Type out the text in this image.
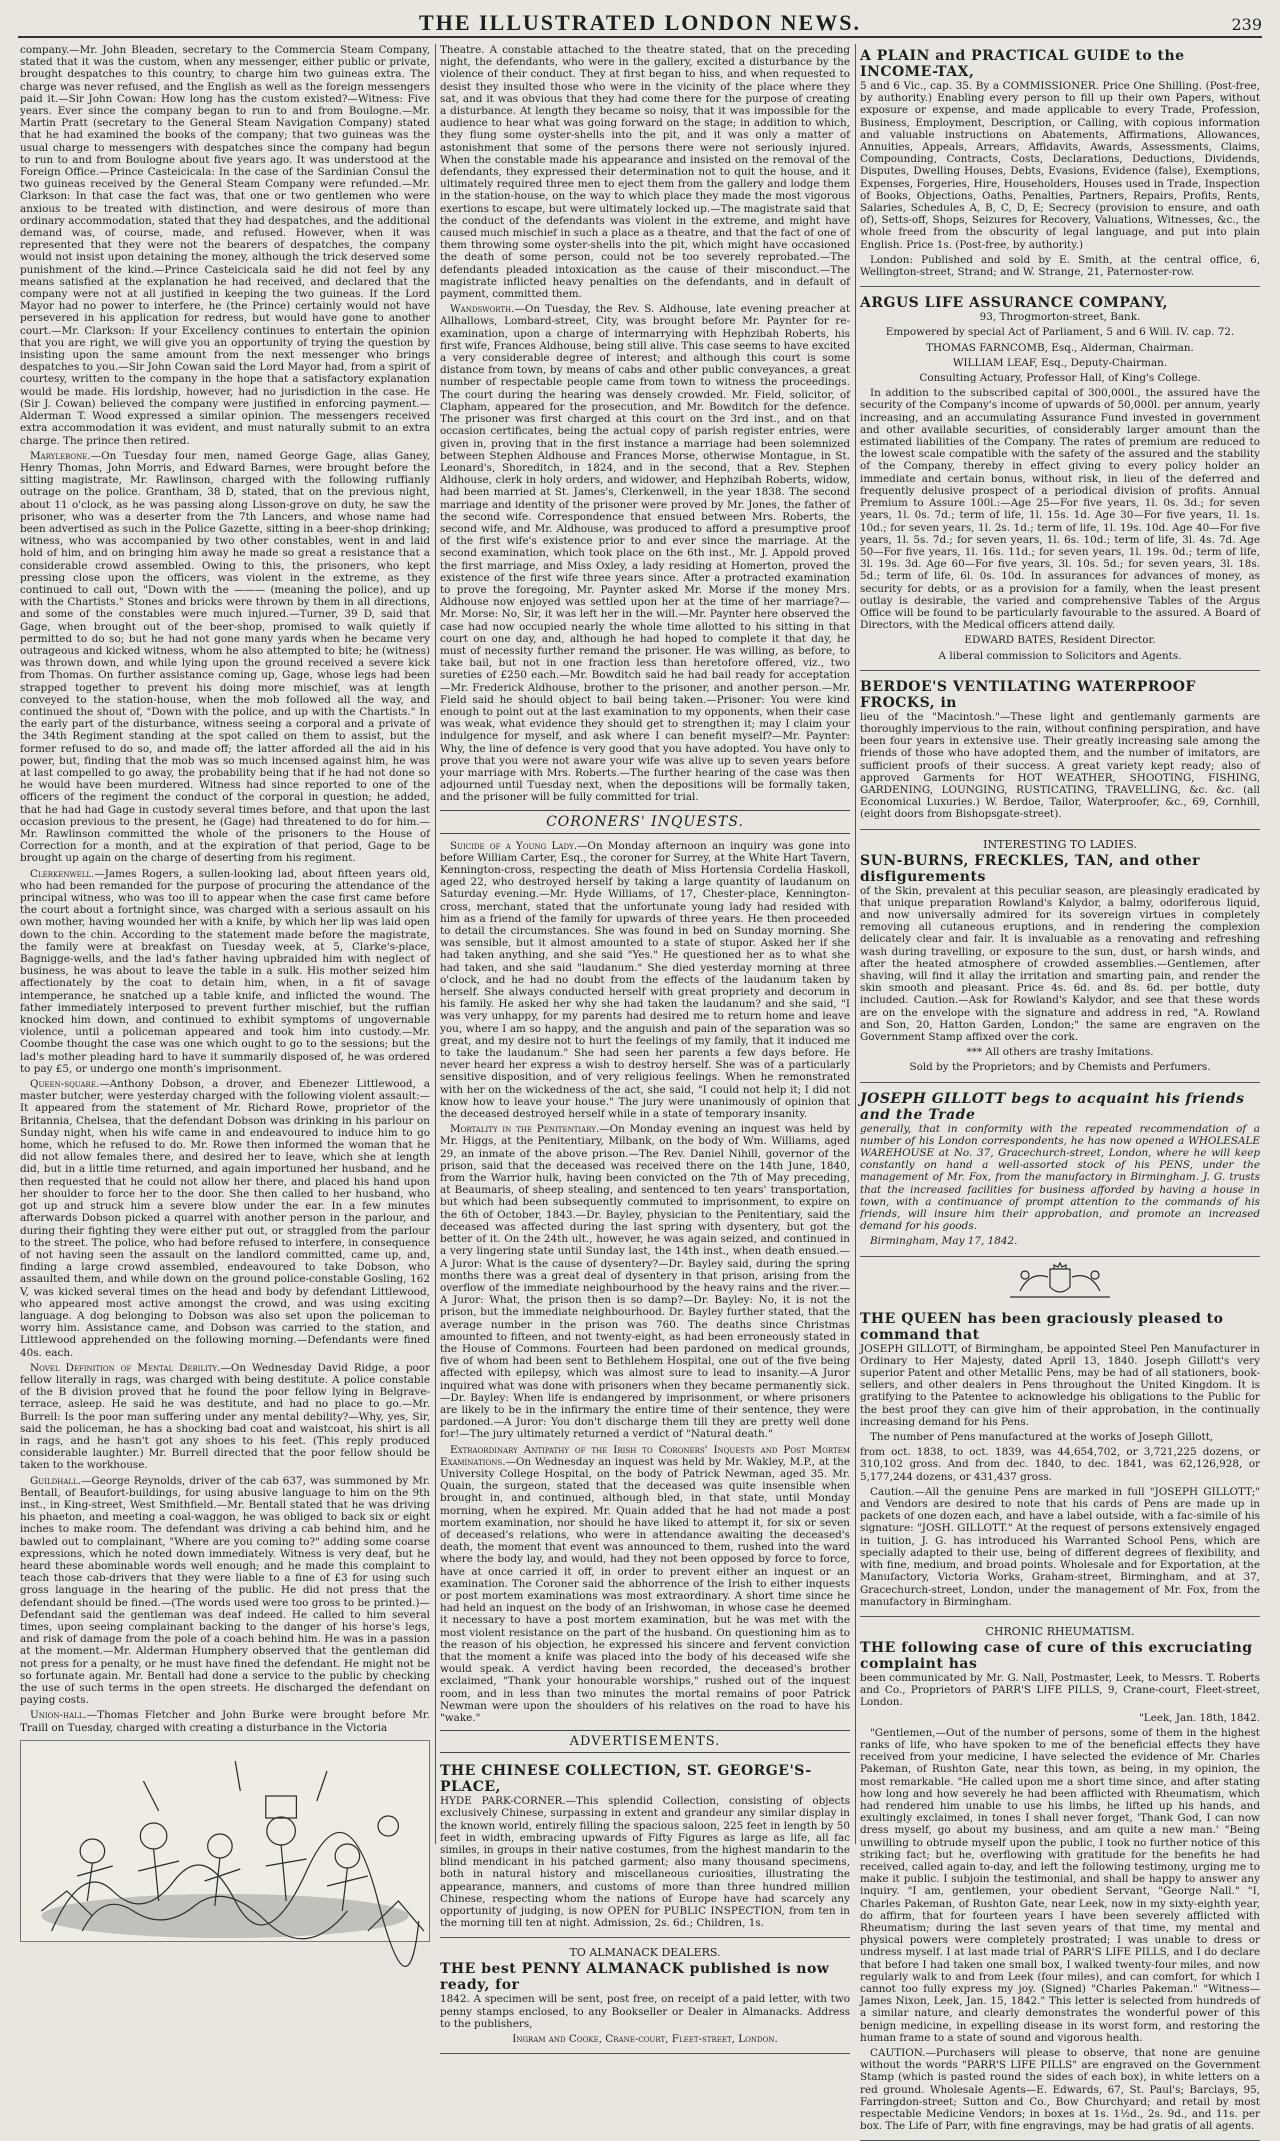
THE ILLUSTRATED LONDON NEWS.	239

company.—Mr. John Bleaden, secretary to the Commercia Steam Company, stated that it was the custom, when any messenger, either public or private, brought despatches to this country, to charge him two guineas extra. The charge was never refused, and the English as well as the foreign messengers paid it.—Sir John Cowan: How long has the custom existed?—Witness: Five years. Ever since the company began to run to and from Boulogne.—Mr. Martin Pratt (secretary to the General Steam Navigation Company) stated that he had examined the books of the company; that two guineas was the usual charge to messengers with despatches since the company had begun to run to and from Boulogne about five years ago. It was understood at the Foreign Office.—Prince Casteicicala: In the case of the Sardinian Consul the two guineas received by the General Steam Company were refunded.—Mr. Clarkson: In that case the fact was, that one or two gentlemen who were anxious to be treated with distinction, and were desirous of more than ordinary accommodation, stated that they had despatches, and the additional demand was, of course, made, and refused. However, when it was represented that they were not the bearers of despatches, the company would not insist upon detaining the money, although the trick deserved some punishment of the kind.—Prince Casteicicala said he did not feel by any means satisfied at the explanation he had received, and declared that the company were not at all justified in keeping the two guineas. If the Lord Mayor had no power to interfere, he (the Prince) certainly would not have persevered in his application for redress, but would have gone to another court.—Mr. Clarkson: If your Excellency continues to entertain the opinion that you are right, we will give you an opportunity of trying the question by insisting upon the same amount from the next messenger who brings despatches to you.—Sir John Cowan said the Lord Mayor had, from a spirit of courtesy, written to the company in the hope that a satisfactory explanation would be made. His lordship, however, had no jurisdiction in the case. He (Sir J. Cowan) believed the company were justified in enforcing payment.—Alderman T. Wood expressed a similar opinion. The messengers received extra accommodation it was evident, and must naturally submit to an extra charge. The prince then retired.

Marylebone.—On Tuesday four men, named George Gage, alias Ganey, Henry Thomas, John Morris, and Edward Barnes, were brought before the sitting magistrate, Mr. Rawlinson, charged with the following ruffianly outrage on the police. Grantham, 38 D, stated, that on the previous night, about 11 o'clock, as he was passing along Lisson-grove on duty, he saw the prisoner, who was a deserter from the 7th Lancers, and whose name had been advertised as such in the Police Gazette, sitting in a beer-shop drinking; witness, who was accompanied by two other constables, went in and laid hold of him, and on bringing him away he made so great a resistance that a considerable crowd assembled. Owing to this, the prisoners, who kept pressing close upon the officers, was violent in the extreme, as they continued to call out, "Down with the ——— (meaning the police), and up with the Chartists." Stones and bricks were thrown by them in all directions, and some of the constables were much injured.—Turner, 39 D, said that Gage, when brought out of the beer-shop, promised to walk quietly if permitted to do so; but he had not gone many yards when he became very outrageous and kicked witness, whom he also attempted to bite; he (witness) was thrown down, and while lying upon the ground received a severe kick from Thomas. On further assistance coming up, Gage, whose legs had been strapped together to prevent his doing more mischief, was at length conveyed to the station-house, when the mob followed all the way, and continued the shout of, "Down with the police, and up with the Chartists." In the early part of the disturbance, witness seeing a corporal and a private of the 34th Regiment standing at the spot called on them to assist, but the former refused to do so, and made off; the latter afforded all the aid in his power, but, finding that the mob was so much incensed against him, he was at last compelled to go away, the probability being that if he had not done so he would have been murdered. Witness had since reported to one of the officers of the regiment the conduct of the corporal in question; he added, that he had had Gage in custody several times before, and that upon the last occasion previous to the present, he (Gage) had threatened to do for him.—Mr. Rawlinson committed the whole of the prisoners to the House of Correction for a month, and at the expiration of that period, Gage to be brought up again on the charge of deserting from his regiment.

Clerkenwell.—James Rogers, a sullen-looking lad, about fifteen years old, who had been remanded for the purpose of procuring the attendance of the principal witness, who was too ill to appear when the case first came before the court about a fortnight since, was charged with a serious assault on his own mother, having wounded her with a knife, by which her lip was laid open down to the chin. According to the statement made before the magistrate, the family were at breakfast on Tuesday week, at 5, Clarke's-place, Bagnigge-wells, and the lad's father having upbraided him with neglect of business, he was about to leave the table in a sulk. His mother seized him affectionately by the coat to detain him, when, in a fit of savage intemperance, he snatched up a table knife, and inflicted the wound. The father immediately interposed to prevent further mischief, but the ruffian knocked him down, and continued to exhibit symptoms of ungovernable violence, until a policeman appeared and took him into custody.—Mr. Coombe thought the case was one which ought to go to the sessions; but the lad's mother pleading hard to have it summarily disposed of, he was ordered to pay £5, or undergo one month's imprisonment.

Queen-square.—Anthony Dobson, a drover, and Ebenezer Littlewood, a master butcher, were yesterday charged with the following violent assault:—It appeared from the statement of Mr. Richard Rowe, proprietor of the Britannia, Chelsea, that the defendant Dobson was drinking in his parlour on Sunday night, when his wife came in and endeavoured to induce him to go home, which he refused to do. Mr. Rowe then informed the woman that he did not allow females there, and desired her to leave, which she at length did, but in a little time returned, and again importuned her husband, and he then requested that he could not allow her there, and placed his hand upon her shoulder to force her to the door. She then called to her husband, who got up and struck him a severe blow under the ear. In a few minutes afterwards Dobson picked a quarrel with another person in the parlour, and during their fighting they were either put out, or straggled from the parlour to the street. The police, who had before refused to interfere, in consequence of not having seen the assault on the landlord committed, came up, and, finding a large crowd assembled, endeavoured to take Dobson, who assaulted them, and while down on the ground police-constable Gosling, 162 V, was kicked several times on the head and body by defendant Littlewood, who appeared most active amongst the crowd, and was using exciting language. A dog belonging to Dobson was also set upon the policeman to worry him. Assistance came, and Dobson was carried to the station, and Littlewood apprehended on the following morning.—Defendants were fined 40s. each.

Novel Definition of Mental Debility.—On Wednesday David Ridge, a poor fellow literally in rags, was charged with being destitute. A police constable of the B division proved that he found the poor fellow lying in Belgrave-terrace, asleep. He said he was destitute, and had no place to go.—Mr. Burrell: Is the poor man suffering under any mental debility?—Why, yes, Sir, said the policeman, he has a shocking bad coat and waistcoat, his shirt is all in rags, and he hasn't got any shoes to his feet. (This reply produced considerable laughter.) Mr. Burrell directed that the poor fellow should be taken to the workhouse.

Guildhall.—George Reynolds, driver of the cab 637, was summoned by Mr. Bentall, of Beaufort-buildings, for using abusive language to him on the 9th inst., in King-street, West Smithfield.—Mr. Bentall stated that he was driving his phaeton, and meeting a coal-waggon, he was obliged to back six or eight inches to make room. The defendant was driving a cab behind him, and he bawled out to complainant, "Where are you coming to?" adding some coarse expressions, which he noted down immediately. Witness is very deaf, but he heard these abominable words well enough; and he made this complaint to teach those cab-drivers that they were liable to a fine of £3 for using such gross language in the hearing of the public. He did not press that the defendant should be fined.—(The words used were too gross to be printed.)—Defendant said the gentleman was deaf indeed. He called to him several times, upon seeing complainant backing to the danger of his horse's legs, and risk of damage from the pole of a coach behind him. He was in a passion at the moment.—Mr. Alderman Humphery observed that the gentleman did not press for a penalty, or he must have fined the defendant. He might not be so fortunate again. Mr. Bentall had done a service to the public by checking the use of such terms in the open streets. He discharged the defendant on paying costs.

Union-hall.—Thomas Fletcher and John Burke were brought before Mr. Traill on Tuesday, charged with creating a disturbance in the Victoria

Theatre. A constable attached to the theatre stated, that on the preceding night, the defendants, who were in the gallery, excited a disturbance by the violence of their conduct. They at first began to hiss, and when requested to desist they insulted those who were in the vicinity of the place where they sat, and it was obvious that they had come there for the purpose of creating a disturbance. At length they became so noisy, that it was impossible for the audience to hear what was going forward on the stage; in addition to which, they flung some oyster-shells into the pit, and it was only a matter of astonishment that some of the persons there were not seriously injured. When the constable made his appearance and insisted on the removal of the defendants, they expressed their determination not to quit the house, and it ultimately required three men to eject them from the gallery and lodge them in the station-house, on the way to which place they made the most vigorous exertions to escape, but were ultimately locked up.—The magistrate said that the conduct of the defendants was violent in the extreme, and might have caused much mischief in such a place as a theatre, and that the fact of one of them throwing some oyster-shells into the pit, which might have occasioned the death of some person, could not be too severely reprobated.—The defendants pleaded intoxication as the cause of their misconduct.—The magistrate inflicted heavy penalties on the defendants, and in default of payment, committed them.

Wandsworth.—On Tuesday, the Rev. S. Aldhouse, late evening preacher at Allhallows, Lombard-street, City, was brought before Mr. Paynter for re-examination, upon a charge of intermarrying with Hephzibah Roberts, his first wife, Frances Aldhouse, being still alive. This case seems to have excited a very considerable degree of interest; and although this court is some distance from town, by means of cabs and other public conveyances, a great number of respectable people came from town to witness the proceedings. The court during the hearing was densely crowded. Mr. Field, solicitor, of Clapham, appeared for the prosecution, and Mr. Bowditch for the defence. The prisoner was first charged at this court on the 3rd inst., and on that occasion certificates, being the actual copy of parish register entries, were given in, proving that in the first instance a marriage had been solemnized between Stephen Aldhouse and Frances Morse, otherwise Montague, in St. Leonard's, Shoreditch, in 1824, and in the second, that a Rev. Stephen Aldhouse, clerk in holy orders, and widower, and Hephzibah Roberts, widow, had been married at St. James's, Clerkenwell, in the year 1838. The second marriage and identity of the prisoner were proved by Mr. Jones, the father of the second wife. Correspondence that ensued between Mrs. Roberts, the second wife, and Mr. Aldhouse, was produced to afford a presumptive proof of the first wife's existence prior to and ever since the marriage. At the second examination, which took place on the 6th inst., Mr. J. Appold proved the first marriage, and Miss Oxley, a lady residing at Homerton, proved the existence of the first wife three years since. After a protracted examination to prove the foregoing, Mr. Paynter asked Mr. Morse if the money Mrs. Aldhouse now enjoyed was settled upon her at the time of her marriage?—Mr. Morse: No, Sir, it was left her in the will.—Mr. Paynter here observed the case had now occupied nearly the whole time allotted to his sitting in that court on one day, and, although he had hoped to complete it that day, he must of necessity further remand the prisoner. He was willing, as before, to take bail, but not in one fraction less than heretofore offered, viz., two sureties of £250 each.—Mr. Bowditch said he had bail ready for acceptation—Mr. Frederick Aldhouse, brother to the prisoner, and another person.—Mr. Field said he should object to bail being taken.—Prisoner: You were kind enough to point out at the last examination to my opponents, when their case was weak, what evidence they should get to strengthen it; may I claim your indulgence for myself, and ask where I can benefit myself?—Mr. Paynter: Why, the line of defence is very good that you have adopted. You have only to prove that you were not aware your wife was alive up to seven years before your marriage with Mrs. Roberts.—The further hearing of the case was then adjourned until Tuesday next, when the depositions will be formally taken, and the prisoner will be fully committed for trial.

CORONERS' INQUESTS.

Suicide of a Young Lady.—On Monday afternoon an inquiry was gone into before William Carter, Esq., the coroner for Surrey, at the White Hart Tavern, Kennington-cross, respecting the death of Miss Hortensia Cordelia Haskoll, aged 22, who destroyed herself by taking a large quantity of laudanum on Saturday evening.—Mr. Hyde Williams, of 17, Chester-place, Kennington-cross, merchant, stated that the unfortunate young lady had resided with him as a friend of the family for upwards of three years. He then proceeded to detail the circumstances. She was found in bed on Sunday morning. She was sensible, but it almost amounted to a state of stupor. Asked her if she had taken anything, and she said "Yes." He questioned her as to what she had taken, and she said "laudanum." She died yesterday morning at three o'clock, and he had no doubt from the effects of the laudanum taken by herself. She always conducted herself with great propriety and decorum in his family. He asked her why she had taken the laudanum? and she said, "I was very unhappy, for my parents had desired me to return home and leave you, where I am so happy, and the anguish and pain of the separation was so great, and my desire not to hurt the feelings of my family, that it induced me to take the laudanum." She had seen her parents a few days before. He never heard her express a wish to destroy herself. She was of a particularly sensitive disposition, and of very religious feelings. When he remonstrated with her on the wickedness of the act, she said, "I could not help it; I did not know how to leave your house." The jury were unanimously of opinion that the deceased destroyed herself while in a state of temporary insanity.

Mortality in the Penitentiary.—On Monday evening an inquest was held by Mr. Higgs, at the Penitentiary, Milbank, on the body of Wm. Williams, aged 29, an inmate of the above prison.—The Rev. Daniel Nihill, governor of the prison, said that the deceased was received there on the 14th June, 1840, from the Warrior hulk, having been convicted on the 7th of May preceding, at Beaumaris, of sheep stealing, and sentenced to ten years' transportation, but which had been subsequently commuted to imprisonment, to expire on the 6th of October, 1843.—Dr. Bayley, physician to the Penitentiary, said the deceased was affected during the last spring with dysentery, but got the better of it. On the 24th ult., however, he was again seized, and continued in a very lingering state until Sunday last, the 14th inst., when death ensued.—A Juror: What is the cause of dysentery?—Dr. Bayley said, during the spring months there was a great deal of dysentery in that prison, arising from the overflow of the immediate neighbourhood by the heavy rains and the river.—A Juror: What, the prison then is so damp?—Dr. Bayley: No, it is not the prison, but the immediate neighbourhood. Dr. Bayley further stated, that the average number in the prison was 760. The deaths since Christmas amounted to fifteen, and not twenty-eight, as had been erroneously stated in the House of Commons. Fourteen had been pardoned on medical grounds, five of whom had been sent to Bethlehem Hospital, one out of the five being affected with epilepsy, which was almost sure to lead to insanity.—A Juror inquired what was done with prisoners when they became permanently sick.—Dr. Bayley: When life is endangered by imprisonment, or where prisoners are likely to be in the infirmary the entire time of their sentence, they were pardoned.—A Juror: You don't discharge them till they are pretty well done for!—The jury ultimately returned a verdict of "Natural death."

Extraordinary Antipathy of the Irish to Coroners' Inquests and Post Mortem Examinations.—On Wednesday an inquest was held by Mr. Wakley, M.P., at the University College Hospital, on the body of Patrick Newman, aged 35. Mr. Quain, the surgeon, stated that the deceased was quite insensible when brought in, and continued, although bled, in that state, until Monday morning, when he expired. Mr. Quain added that he had not made a post mortem examination, nor should he have liked to attempt it, for six or seven of deceased's relations, who were in attendance awaiting the deceased's death, the moment that event was announced to them, rushed into the ward where the body lay, and would, had they not been opposed by force to force, have at once carried it off, in order to prevent either an inquest or an examination. The Coroner said the abhorrence of the Irish to either inquests or post mortem examinations was most extraordinary. A short time since he had held an inquest on the body of an Irishwoman, in whose case he deemed it necessary to have a post mortem examination, but he was met with the most violent resistance on the part of the husband. On questioning him as to the reason of his objection, he expressed his sincere and fervent conviction that the moment a knife was placed into the body of his deceased wife she would speak. A verdict having been recorded, the deceased's brother exclaimed, "Thank your honourable worships," rushed out of the inquest room, and in less than two minutes the mortal remains of poor Patrick Newman were upon the shoulders of his relatives on the road to have his "wake."

ADVERTISEMENTS.
THE CHINESE COLLECTION, ST. GEORGE'S-PLACE,

HYDE PARK-CORNER.—This splendid Collection, consisting of objects exclusively Chinese, surpassing in extent and grandeur any similar display in the known world, entirely filling the spacious saloon, 225 feet in length by 50 feet in width, embracing upwards of Fifty Figures as large as life, all fac similes, in groups in their native costumes, from the highest mandarin to the blind mendicant in his patched garment; also many thousand specimens, both in natural history and miscellaneous curiosities, illustrating the appearance, manners, and customs of more than three hundred million Chinese, respecting whom the nations of Europe have had scarcely any opportunity of judging, is now OPEN for PUBLIC INSPECTION, from ten in the morning till ten at night. Admission, 2s. 6d.; Children, 1s.

TO ALMANACK DEALERS.
THE best PENNY ALMANACK published is now ready, for

1842. A specimen will be sent, post free, on receipt of a paid letter, with two penny stamps enclosed, to any Bookseller or Dealer in Almanacks. Address to the publishers,

Ingram and Cooke, Crane-court, Fleet-street, London.

A PLAIN and PRACTICAL GUIDE to the INCOME-TAX,

5 and 6 Vic., cap. 35. By a COMMISSIONER. Price One Shilling. (Post-free, by authority.) Enabling every person to fill up their own Papers, without exposure or expense, and made applicable to every Trade, Profession, Business, Employment, Description, or Calling, with copious information and valuable instructions on Abatements, Affirmations, Allowances, Annuities, Appeals, Arrears, Affidavits, Awards, Assessments, Claims, Compounding, Contracts, Costs, Declarations, Deductions, Dividends, Disputes, Dwelling Houses, Debts, Evasions, Evidence (false), Exemptions, Expenses, Forgeries, Hire, Householders, Houses used in Trade, Inspection of Books, Objections, Oaths, Penalties, Partners, Repairs, Profits, Rents, Salaries, Schedules A, B, C, D, E; Secrecy (provision to ensure, and oath of), Setts-off, Shops, Seizures for Recovery, Valuations, Witnesses, &c., the whole freed from the obscurity of legal language, and put into plain English. Price 1s. (Post-free, by authority.)

London: Published and sold by E. Smith, at the central office, 6, Wellington-street, Strand; and W. Strange, 21, Paternoster-row.

ARGUS LIFE ASSURANCE COMPANY,

93, Throgmorton-street, Bank.

Empowered by special Act of Parliament, 5 and 6 Will. IV. cap. 72.

THOMAS FARNCOMB, Esq., Alderman, Chairman.

WILLIAM LEAF, Esq., Deputy-Chairman.

Consulting Actuary, Professor Hall, of King's College.

In addition to the subscribed capital of 300,000l., the assured have the security of the Company's income of upwards of 50,000l. per annum, yearly increasing, and an accumulating Assurance Fund invested in government and other available securities, of considerably larger amount than the estimated liabilities of the Company. The rates of premium are reduced to the lowest scale compatible with the safety of the assured and the stability of the Company, thereby in effect giving to every policy holder an immediate and certain bonus, without risk, in lieu of the deferred and frequently delusive prospect of a periodical division of profits. Annual Premium to Assure 100l.:—Age 25—For five years, 1l. 0s. 3d.; for seven years, 1l. 0s. 7d.; term of life, 1l. 15s. 1d. Age 30—For five years, 1l. 1s. 10d.; for seven years, 1l. 2s. 1d.; term of life, 1l. 19s. 10d. Age 40—For five years, 1l. 5s. 7d.; for seven years, 1l. 6s. 10d.; term of life, 3l. 4s. 7d. Age 50—For five years, 1l. 16s. 11d.; for seven years, 1l. 19s. 0d.; term of life, 3l. 19s. 3d. Age 60—For five years, 3l. 10s. 5d.; for seven years, 3l. 18s. 5d.; term of life, 6l. 0s. 10d. In assurances for advances of money, as security for debts, or as a provision for a family, when the least present outlay is desirable, the varied and comprehensive Tables of the Argus Office will be found to be particularly favourable to the assured. A Board of Directors, with the Medical officers attend daily.

EDWARD BATES, Resident Director.

A liberal commission to Solicitors and Agents.

BERDOE'S VENTILATING WATERPROOF FROCKS, in

lieu of the "Macintosh."—These light and gentlemanly garments are thoroughly impervious to the rain, without confining perspiration, and have been four years in extensive use. Their greatly increasing sale among the friends of those who have adopted them, and the number of imitators, are sufficient proofs of their success. A great variety kept ready; also of approved Garments for HOT WEATHER, SHOOTING, FISHING, GARDENING, LOUNGING, RUSTICATING, TRAVELLING, &c. &c. (all Economical Luxuries.) W. Berdoe, Tailor, Waterproofer, &c., 69, Cornhill, (eight doors from Bishopsgate-street).

INTERESTING TO LADIES.
SUN-BURNS, FRECKLES, TAN, and other disfigurements

of the Skin, prevalent at this peculiar season, are pleasingly eradicated by that unique preparation Rowland's Kalydor, a balmy, odoriferous liquid, and now universally admired for its sovereign virtues in completely removing all cutaneous eruptions, and in rendering the complexion delicately clear and fair. It is invaluable as a renovating and refreshing wash during travelling, or exposure to the sun, dust, or harsh winds, and after the heated atmosphere of crowded assemblies.—Gentlemen, after shaving, will find it allay the irritation and smarting pain, and render the skin smooth and pleasant. Price 4s. 6d. and 8s. 6d. per bottle, duty included. Caution.—Ask for Rowland's Kalydor, and see that these words are on the envelope with the signature and address in red, "A. Rowland and Son, 20, Hatton Garden, London;" the same are engraven on the Government Stamp affixed over the cork.

*** All others are trashy Imitations.

Sold by the Proprietors; and by Chemists and Perfumers.

JOSEPH GILLOTT begs to acquaint his friends and the Trade

generally, that in conformity with the repeated recommendation of a number of his London correspondents, he has now opened a WHOLESALE WAREHOUSE at No. 37, Gracechurch-street, London, where he will keep constantly on hand a well-assorted stock of his PENS, under the management of Mr. Fox, from the manufactory in Birmingham. J. G. trusts that the increased facilities for business afforded by having a house in town, with a continuance of prompt attention to the commands of his friends, will insure him their approbation, and promote an increased demand for his goods.

Birmingham, May 17, 1842.

THE QUEEN has been graciously pleased to command that

JOSEPH GILLOTT, of Birmingham, be appointed Steel Pen Manufacturer in Ordinary to Her Majesty, dated April 13, 1840. Joseph Gillott's very superior Patent and other Metallic Pens, may be had of all stationers, book-sellers, and other dealers in Pens throughout the United Kingdom. It is gratifying to the Patentee to acknowledge his obligations to the Public for the best proof they can give him of their approbation, in the continually increasing demand for his Pens.

The number of Pens manufactured at the works of Joseph Gillott,

from oct. 1838, to oct. 1839, was 44,654,702, or 3,721,225 dozens, or 310,102 gross. And from dec. 1840, to dec. 1841, was 62,126,928, or 5,177,244 dozens, or 431,437 gross.

Caution.—All the genuine Pens are marked in full "JOSEPH GILLOTT;" and Vendors are desired to note that his cards of Pens are made up in packets of one dozen each, and have a label outside, with a fac-simile of his signature: "JOSH. GILLOTT." At the request of persons extensively engaged in tuition, J. G. has introduced his Warranted School Pens, which are specially adapted to their use, being of different degrees of flexibility, and with fine, medium, and broad points. Wholesale and for Exportation, at the Manufactory, Victoria Works, Graham-street, Birmingham, and at 37, Gracechurch-street, London, under the management of Mr. Fox, from the manufactory in Birmingham.

CHRONIC RHEUMATISM.
THE following case of cure of this excruciating complaint has

been communicated by Mr. G. Nall, Postmaster, Leek, to Messrs. T. Roberts and Co., Proprietors of PARR'S LIFE PILLS, 9, Crane-court, Fleet-street, London.

"Leek, Jan. 18th, 1842.

"Gentlemen,—Out of the number of persons, some of them in the highest ranks of life, who have spoken to me of the beneficial effects they have received from your medicine, I have selected the evidence of Mr. Charles Pakeman, of Rushton Gate, near this town, as being, in my opinion, the most remarkable. "He called upon me a short time since, and after stating how long and how severely he had been afflicted with Rheumatism, which had rendered him unable to use his limbs, he lifted up his hands, and exultingly exclaimed, in tones I shall never forget, 'Thank God, I can now dress myself, go about my business, and am quite a new man.' "Being unwilling to obtrude myself upon the public, I took no further notice of this striking fact; but he, overflowing with gratitude for the benefits he had received, called again to-day, and left the following testimony, urging me to make it public. I subjoin the testimonial, and shall be happy to answer any inquiry. "I am, gentlemen, your obedient Servant, "George Nall." "I, Charles Pakeman, of Rushton Gate, near Leek, now in my sixty-eighth year, do affirm, that for fourteen years I have been severely afflicted with Rheumatism; during the last seven years of that time, my mental and physical powers were completely prostrated; I was unable to dress or undress myself. I at last made trial of PARR'S LIFE PILLS, and I do declare that before I had taken one small box, I walked twenty-four miles, and now regularly walk to and from Leek (four miles), and can comfort, for which I cannot too fully express my joy. (Signed) "Charles Pakeman." "Witness—James Nixon, Leek, Jan. 15, 1842." This letter is selected from hundreds of a similar nature, and clearly demonstrates the wonderful power of this benign medicine, in expelling disease in its worst form, and restoring the human frame to a state of sound and vigorous health.

CAUTION.—Purchasers will please to observe, that none are genuine without the words "PARR'S LIFE PILLS" are engraved on the Government Stamp (which is pasted round the sides of each box), in white letters on a red ground. Wholesale Agents—E. Edwards, 67, St. Paul's; Barclays, 95, Farringdon-street; Sutton and Co., Bow Churchyard; and retail by most respectable Medicine Vendors; in boxes at 1s. 1½d., 2s. 9d., and 11s. per box. The Life of Parr, with fine engravings, may be had gratis of all agents.
